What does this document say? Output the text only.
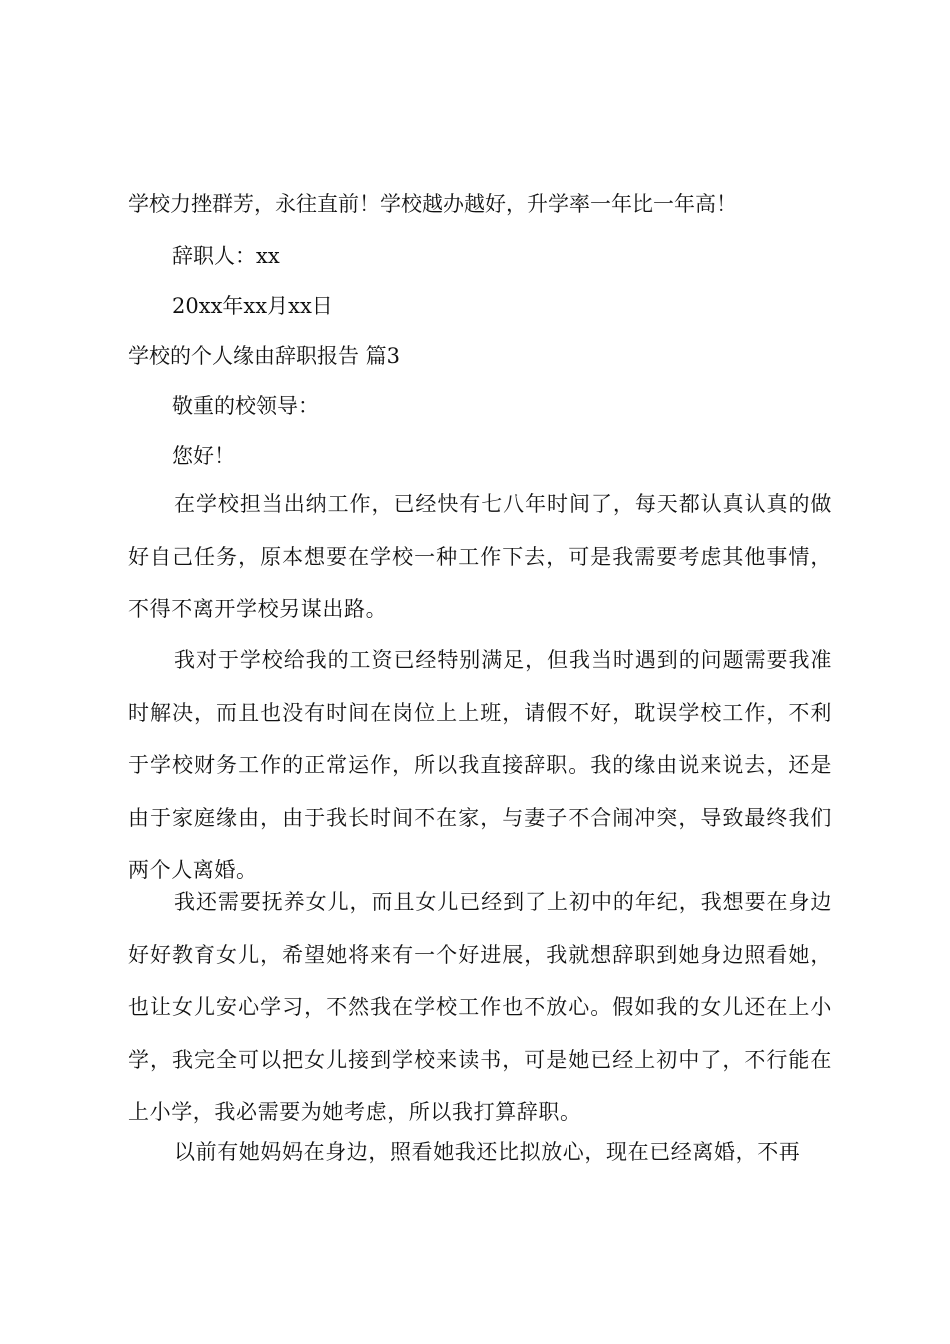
学校力挫群芳，永往直前！学校越办越好，升学率一年比一年高！
辞职人：xx
20xx年xx月xx日
学校的个人缘由辞职报告 篇3
敬重的校领导：
您好！
在学校担当出纳工作，已经快有七八年时间了，每天都认真认真的做好自己任务，原本想要在学校一种工作下去，可是我需要考虑其他事情，不得不离开学校另谋出路。
我对于学校给我的工资已经特别满足，但我当时遇到的问题需要我准时解决，而且也没有时间在岗位上上班，请假不好，耽误学校工作，不利于学校财务工作的正常运作，所以我直接辞职。我的缘由说来说去，还是由于家庭缘由，由于我长时间不在家，与妻子不合闹冲突，导致最终我们两个人离婚。
我还需要抚养女儿，而且女儿已经到了上初中的年纪，我想要在身边好好教育女儿，希望她将来有一个好进展，我就想辞职到她身边照看她，也让女儿安心学习，不然我在学校工作也不放心。假如我的女儿还在上小学，我完全可以把女儿接到学校来读书，可是她已经上初中了，不行能在上小学，我必需要为她考虑，所以我打算辞职。
以前有她妈妈在身边，照看她我还比拟放心，现在已经离婚，不再
